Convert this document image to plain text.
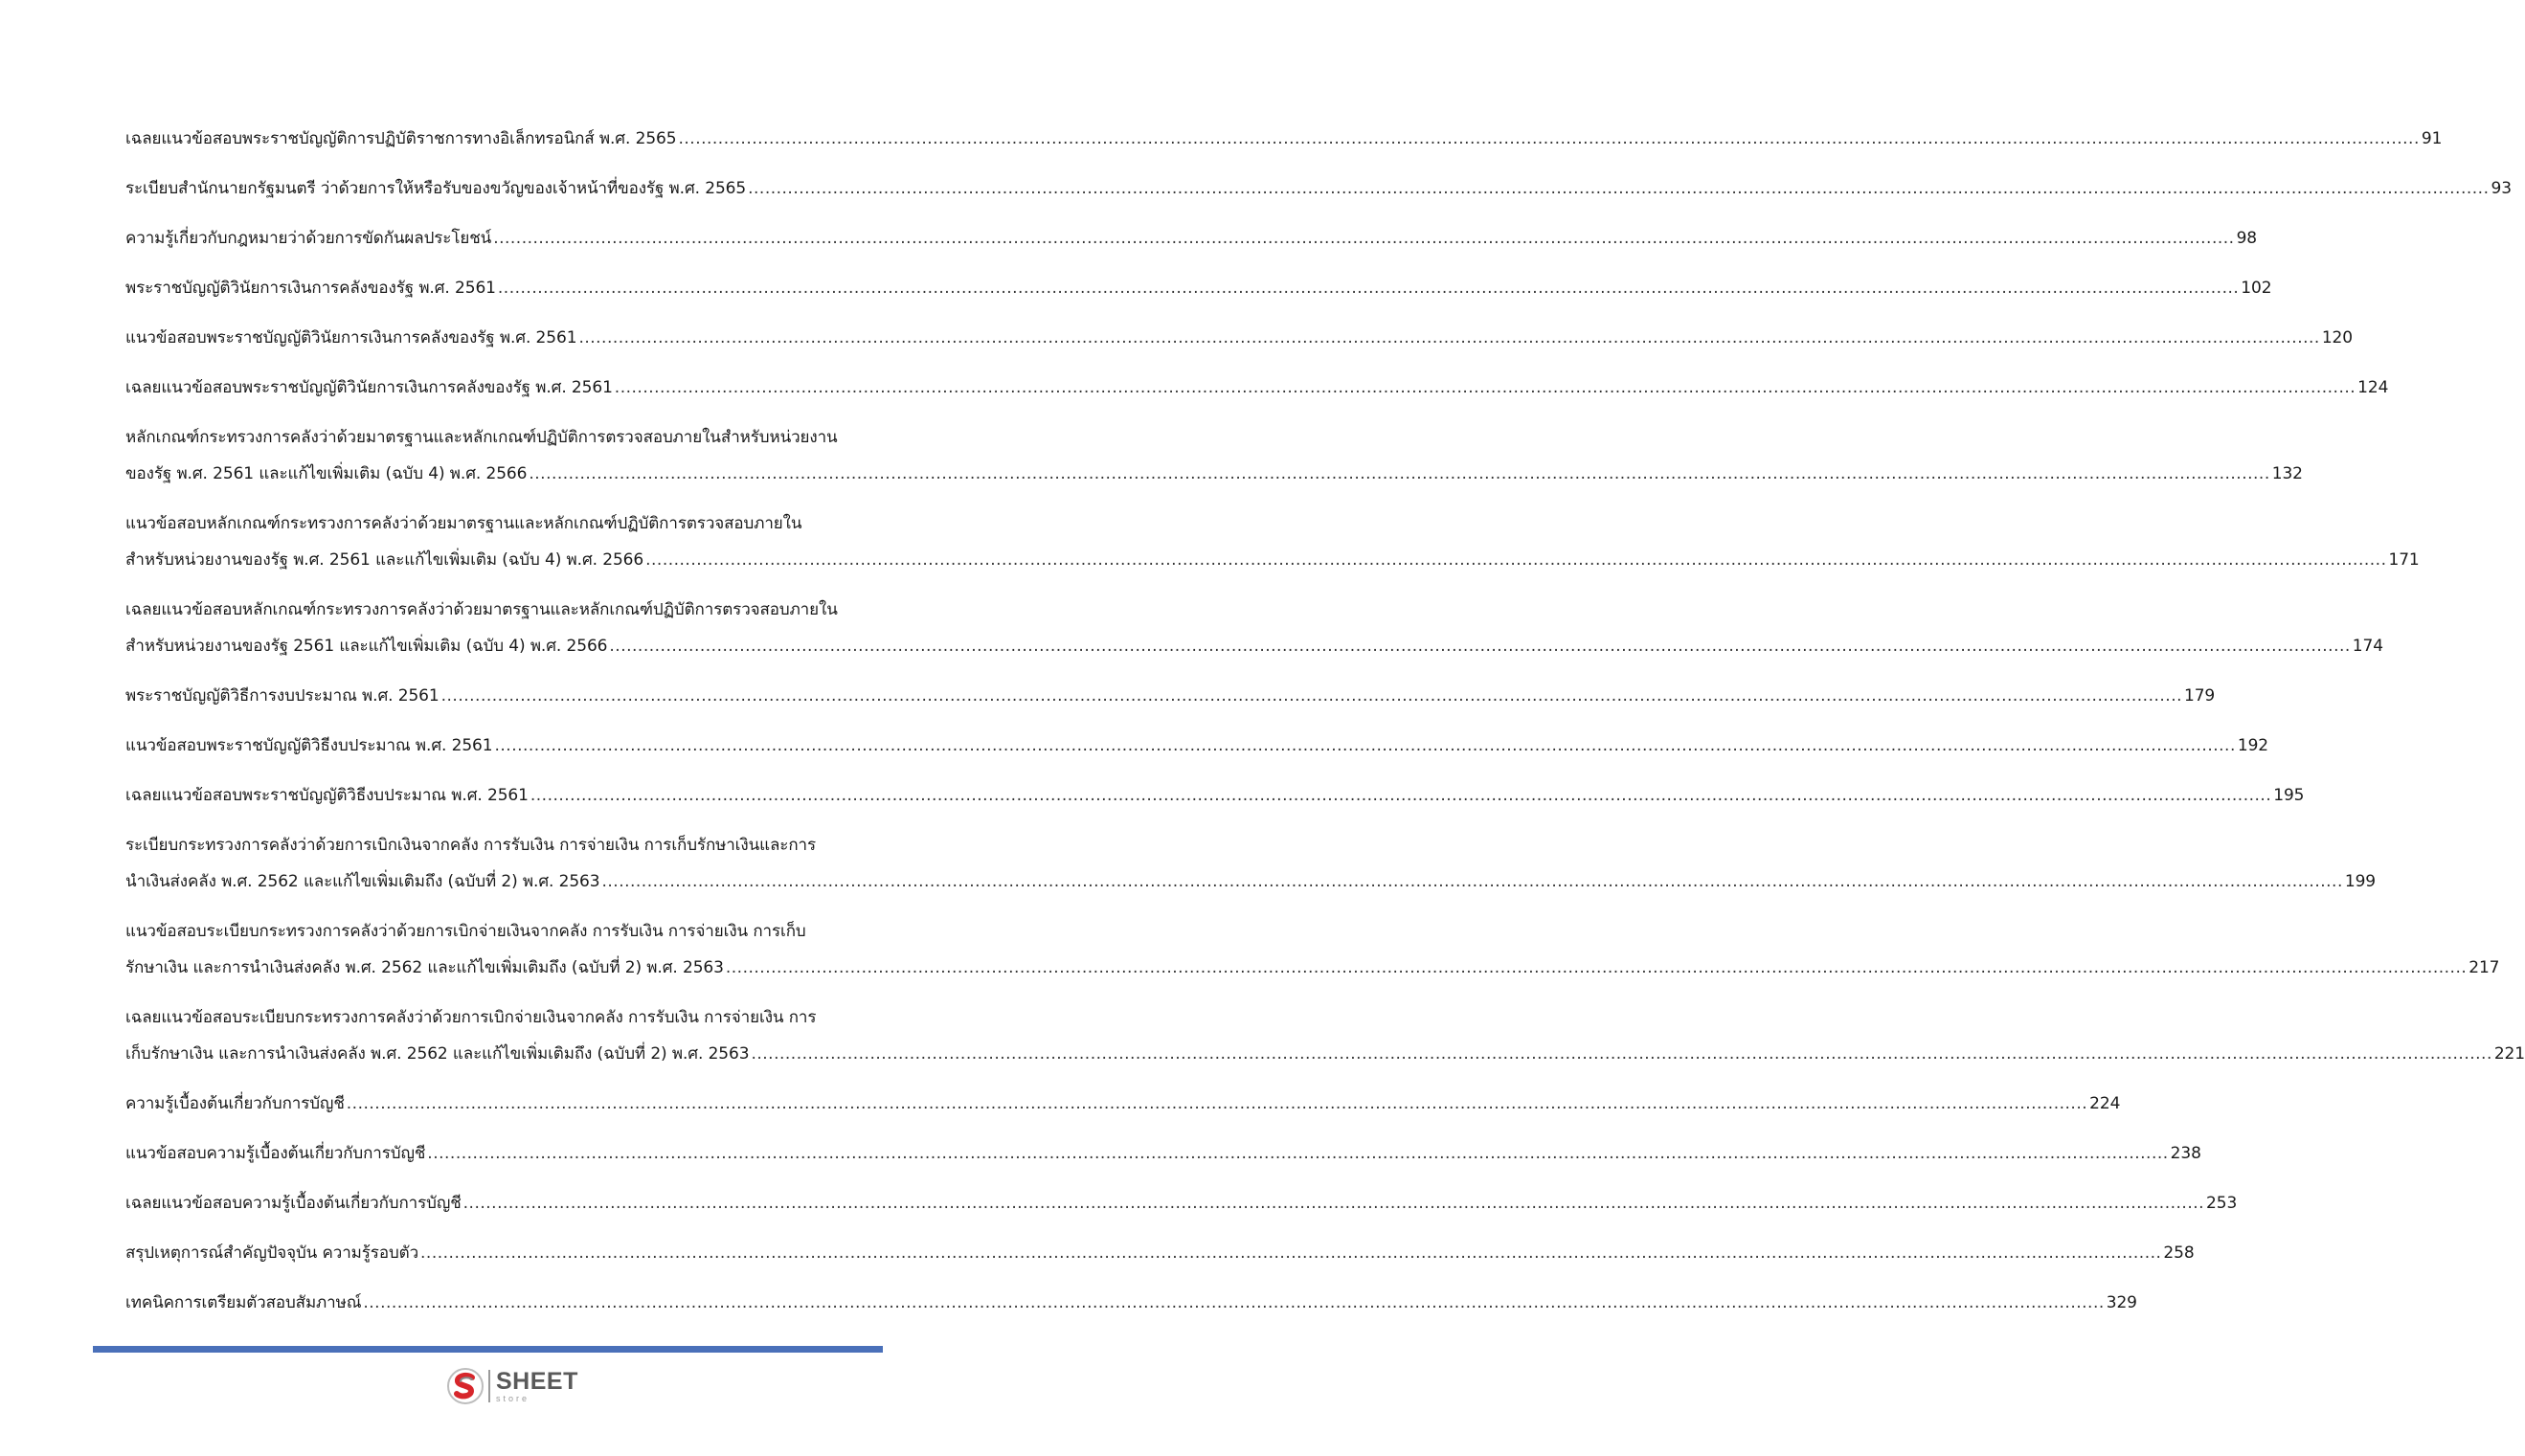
เฉลยแนวข้อสอบพระราชบัญญัติการปฏิบัติราชการทางอิเล็กทรอนิกส์ พ.ศ. 2565 .....	91
ระเบียบสำนักนายกรัฐมนตรี ว่าด้วยการให้หรือรับของขวัญของเจ้าหน้าที่ของรัฐ พ.ศ. 2565 .....	93
ความรู้เกี่ยวกับกฎหมายว่าด้วยการขัดกันผลประโยชน์ .....	98
พระราชบัญญัติวินัยการเงินการคลังของรัฐ พ.ศ. 2561 .....	102
แนวข้อสอบพระราชบัญญัติวินัยการเงินการคลังของรัฐ พ.ศ. 2561 .....	120
เฉลยแนวข้อสอบพระราชบัญญัติวินัยการเงินการคลังของรัฐ พ.ศ. 2561 .....	124
หลักเกณฑ์กระทรวงการคลังว่าด้วยมาตรฐานและหลักเกณฑ์ปฏิบัติการตรวจสอบภายในสำหรับหน่วยงาน
ของรัฐ พ.ศ. 2561 และแก้ไขเพิ่มเติม (ฉบับ 4) พ.ศ. 2566 .....	132
แนวข้อสอบหลักเกณฑ์กระทรวงการคลังว่าด้วยมาตรฐานและหลักเกณฑ์ปฏิบัติการตรวจสอบภายใน
สำหรับหน่วยงานของรัฐ พ.ศ. 2561 และแก้ไขเพิ่มเติม (ฉบับ 4) พ.ศ. 2566 .....	171
เฉลยแนวข้อสอบหลักเกณฑ์กระทรวงการคลังว่าด้วยมาตรฐานและหลักเกณฑ์ปฏิบัติการตรวจสอบภายใน
สำหรับหน่วยงานของรัฐ 2561 และแก้ไขเพิ่มเติม (ฉบับ 4) พ.ศ. 2566 .....	174
พระราชบัญญัติวิธีการงบประมาณ พ.ศ. 2561 .....	179
แนวข้อสอบพระราชบัญญัติวิธีงบประมาณ พ.ศ. 2561 .....	192
เฉลยแนวข้อสอบพระราชบัญญัติวิธีงบประมาณ พ.ศ. 2561 .....	195
ระเบียบกระทรวงการคลังว่าด้วยการเบิกเงินจากคลัง การรับเงิน การจ่ายเงิน การเก็บรักษาเงินและการ
นำเงินส่งคลัง พ.ศ. 2562 และแก้ไขเพิ่มเติมถึง (ฉบับที่ 2) พ.ศ. 2563 .....	199
แนวข้อสอบระเบียบกระทรวงการคลังว่าด้วยการเบิกจ่ายเงินจากคลัง การรับเงิน การจ่ายเงิน การเก็บ
รักษาเงิน และการนำเงินส่งคลัง พ.ศ. 2562 และแก้ไขเพิ่มเติมถึง (ฉบับที่ 2) พ.ศ. 2563 .....	217
เฉลยแนวข้อสอบระเบียบกระทรวงการคลังว่าด้วยการเบิกจ่ายเงินจากคลัง การรับเงิน การจ่ายเงิน การ
เก็บรักษาเงิน และการนำเงินส่งคลัง พ.ศ. 2562 และแก้ไขเพิ่มเติมถึง (ฉบับที่ 2) พ.ศ. 2563 .....	221
ความรู้เบื้องต้นเกี่ยวกับการบัญชี .....	224
แนวข้อสอบความรู้เบื้องต้นเกี่ยวกับการบัญชี .....	238
เฉลยแนวข้อสอบความรู้เบื้องต้นเกี่ยวกับการบัญชี .....	253
สรุปเหตุการณ์สำคัญปัจจุบัน ความรู้รอบตัว .....	258
เทคนิคการเตรียมตัวสอบสัมภาษณ์ .....	329
SHEET
store
